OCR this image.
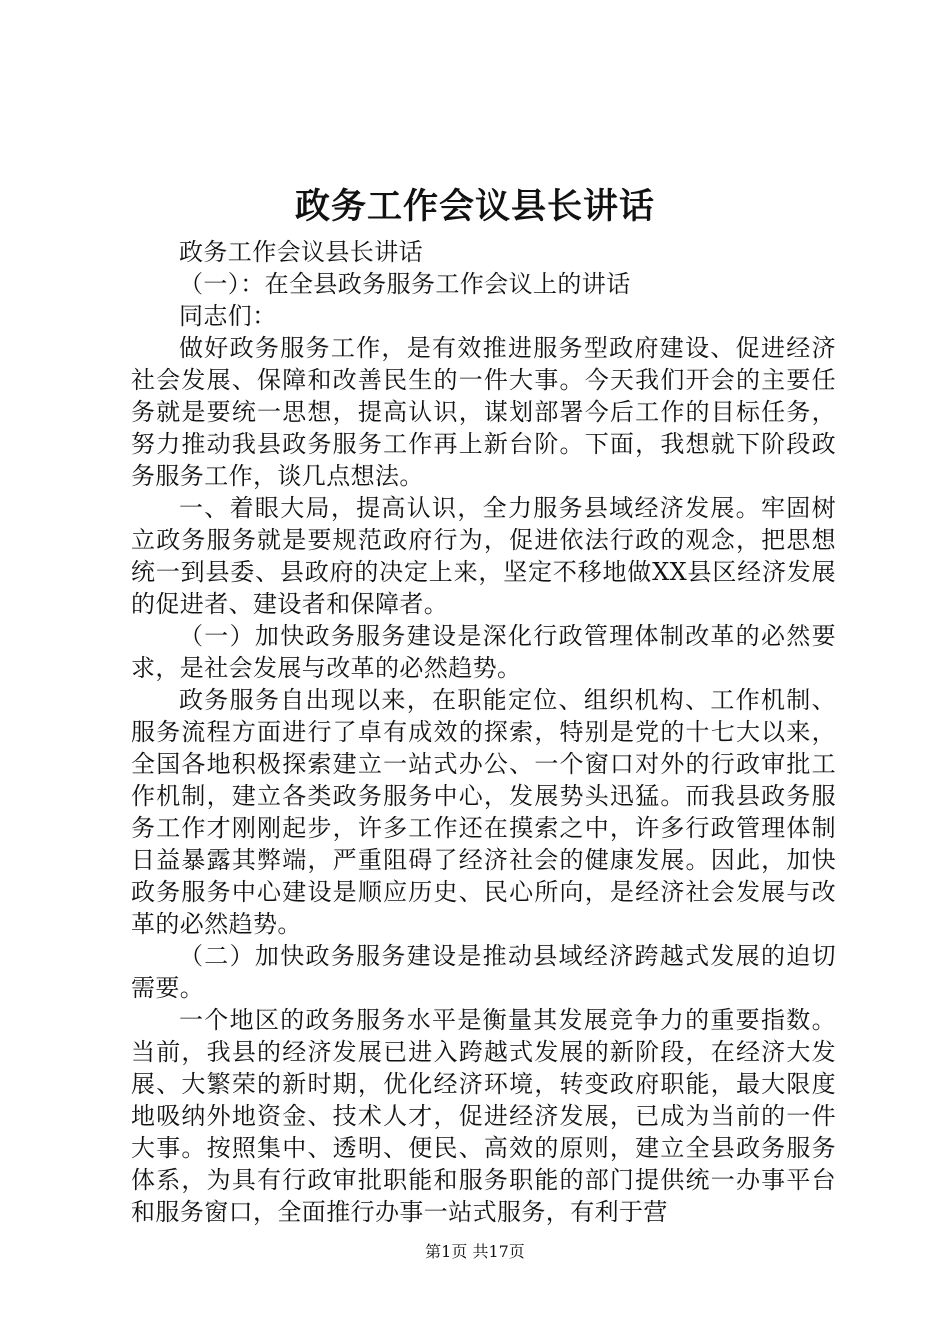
政务工作会议县长讲话

政务工作会议县长讲话

（一）：在全县政务服务工作会议上的讲话

同志们：

做好政务服务工作，是有效推进服务型政府建设、促进经济社会发展、保障和改善民生的一件大事。今天我们开会的主要任务就是要统一思想，提高认识，谋划部署今后工作的目标任务，努力推动我县政务服务工作再上新台阶。下面，我想就下阶段政务服务工作，谈几点想法。

一、着眼大局，提高认识，全力服务县域经济发展。牢固树立政务服务就是要规范政府行为，促进依法行政的观念，把思想统一到县委、县政府的决定上来，坚定不移地做XX县区经济发展的促进者、建设者和保障者。

（一）加快政务服务建设是深化行政管理体制改革的必然要求，是社会发展与改革的必然趋势。

政务服务自出现以来，在职能定位、组织机构、工作机制、服务流程方面进行了卓有成效的探索，特别是党的十七大以来，全国各地积极探索建立一站式办公、一个窗口对外的行政审批工作机制，建立各类政务服务中心，发展势头迅猛。而我县政务服务工作才刚刚起步，许多工作还在摸索之中，许多行政管理体制日益暴露其弊端，严重阻碍了经济社会的健康发展。因此，加快政务服务中心建设是顺应历史、民心所向，是经济社会发展与改革的必然趋势。

（二）加快政务服务建设是推动县域经济跨越式发展的迫切需要。

一个地区的政务服务水平是衡量其发展竞争力的重要指数。当前，我县的经济发展已进入跨越式发展的新阶段，在经济大发展、大繁荣的新时期，优化经济环境，转变政府职能，最大限度地吸纳外地资金、技术人才，促进经济发展，已成为当前的一件大事。按照集中、透明、便民、高效的原则，建立全县政务服务体系，为具有行政审批职能和服务职能的部门提供统一办事平台和服务窗口，全面推行办事一站式服务，有利于营

第1页 共17页
